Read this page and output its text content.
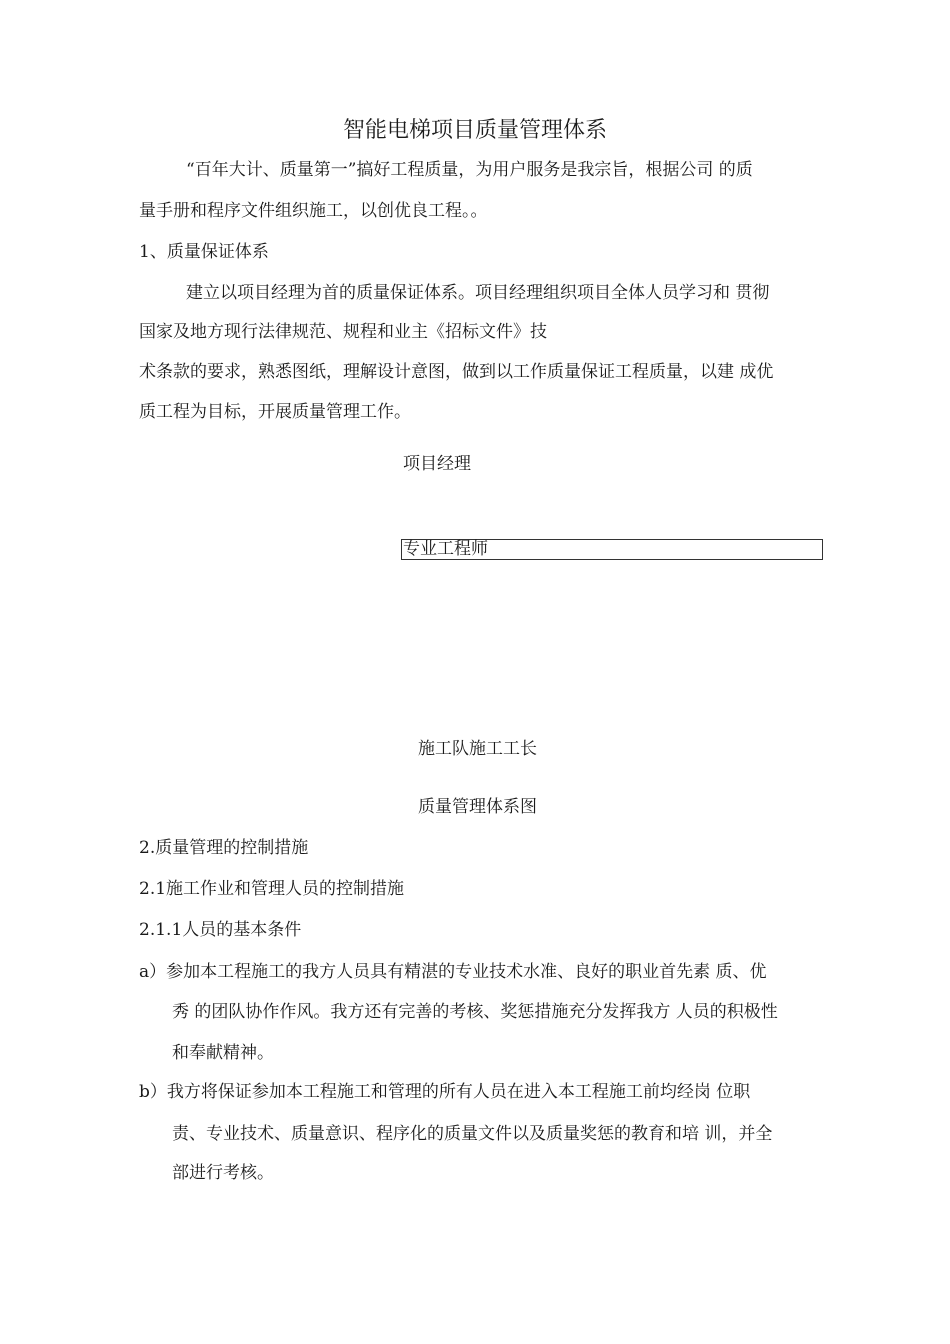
智能电梯项目质量管理体系

“百年大计、质量第一”搞好工程质量，为用户服务是我宗旨，根据公司 的质

量手册和程序文件组织施工，以创优良工程。。

1、质量保证体系

建立以项目经理为首的质量保证体系。项目经理组织项目全体人员学习和 贯彻

国家及地方现行法律规范、规程和业主《招标文件》技

术条款的要求，熟悉图纸，理解设计意图，做到以工作质量保证工程质量，以建 成优

质工程为目标，开展质量管理工作。

项目经理

专业工程师

施工队施工工长

质量管理体系图

2.质量管理的控制措施

2.1施工作业和管理人员的控制措施

2.1.1人员的基本条件

a）参加本工程施工的我方人员具有精湛的专业技术水准、良好的职业首先素 质、优

秀 的团队协作作风。我方还有完善的考核、奖惩措施充分发挥我方 人员的积极性

和奉献精神。

b）我方将保证参加本工程施工和管理的所有人员在进入本工程施工前均经岗 位职

责、专业技术、质量意识、程序化的质量文件以及质量奖惩的教育和培 训，并全

部进行考核。
